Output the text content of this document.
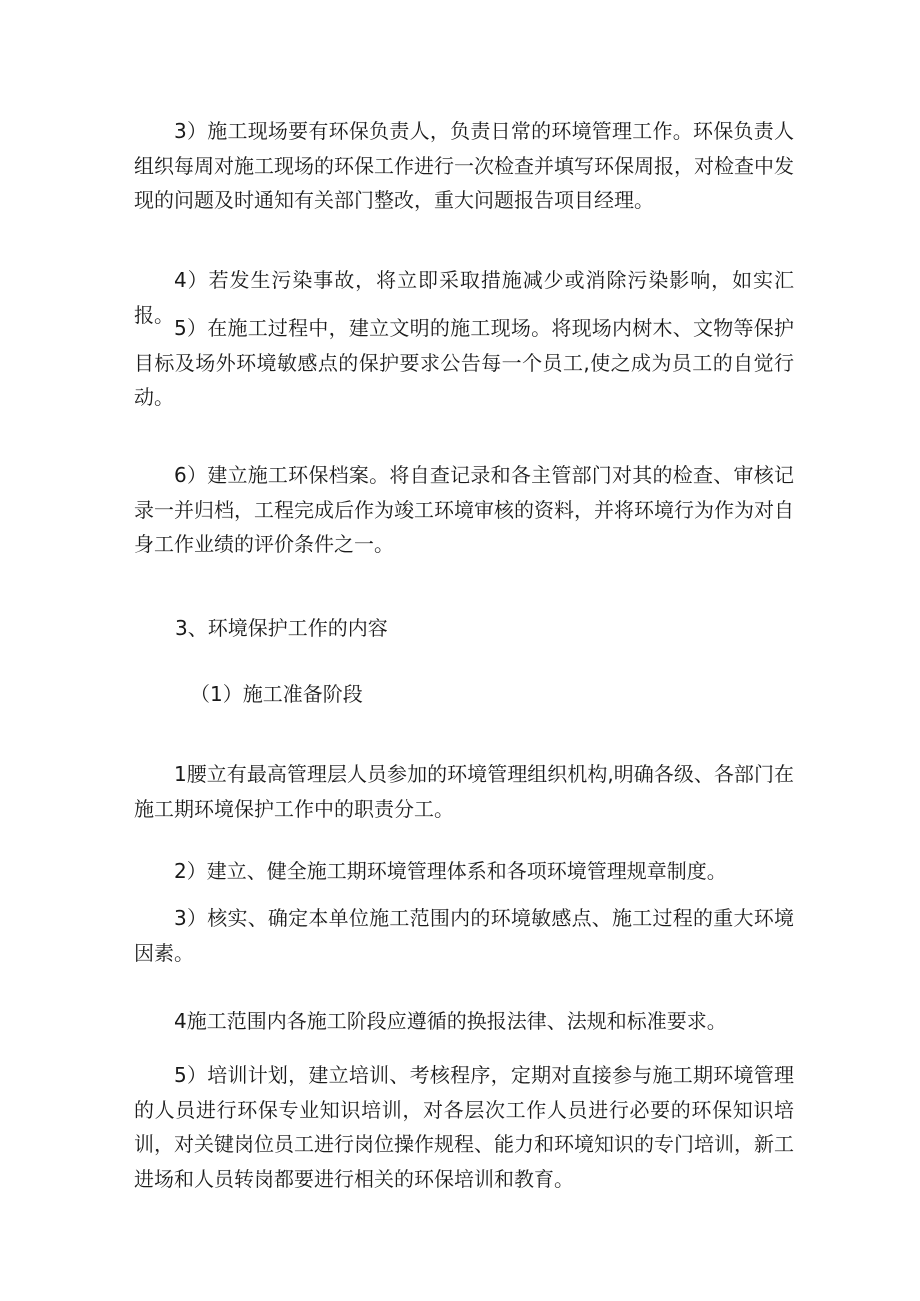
3）施工现场要有环保负责人，负责日常的环境管理工作。环保负责人组织每周对施工现场的环保工作进行一次检查并填写环保周报，对检查中发现的问题及时通知有关部门整改，重大问题报告项目经理。

4）若发生污染事故，将立即采取措施减少或消除污染影响，如实汇报。

5）在施工过程中，建立文明的施工现场。将现场内树木、文物等保护目标及场外环境敏感点的保护要求公告每一个员工,使之成为员工的自觉行动。

6）建立施工环保档案。将自查记录和各主管部门对其的检查、审核记录一并归档，工程完成后作为竣工环境审核的资料，并将环境行为作为对自身工作业绩的评价条件之一。

3、环境保护工作的内容

（1）施工准备阶段

1腰立有最高管理层人员参加的环境管理组织机构,明确各级、各部门在施工期环境保护工作中的职责分工。

2）建立、健全施工期环境管理体系和各项环境管理规章制度。

3）核实、确定本单位施工范围内的环境敏感点、施工过程的重大环境因素。

4施工范围内各施工阶段应遵循的换报法律、法规和标准要求。

5）培训计划，建立培训、考核程序，定期对直接参与施工期环境管理的人员进行环保专业知识培训，对各层次工作人员进行必要的环保知识培训，对关键岗位员工进行岗位操作规程、能力和环境知识的专门培训，新工进场和人员转岗都要进行相关的环保培训和教育。
